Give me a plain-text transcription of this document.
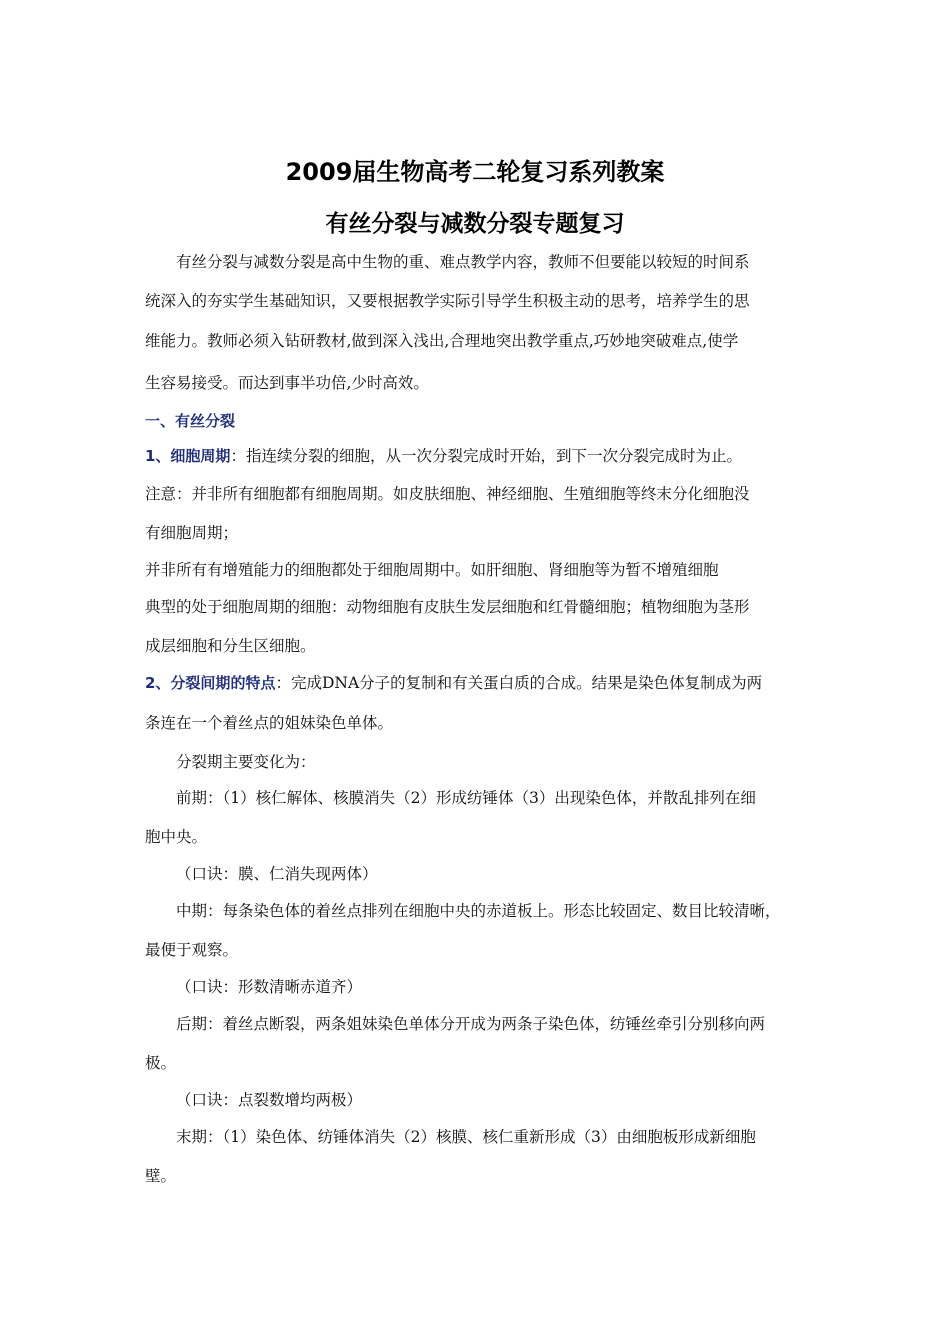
2009届生物高考二轮复习系列教案
有丝分裂与减数分裂专题复习
有丝分裂与减数分裂是高中生物的重、难点教学内容，教师不但要能以较短的时间系
统深入的夯实学生基础知识，又要根据教学实际引导学生积极主动的思考，培养学生的思
维能力。教师必须入钻研教材,做到深入浅出,合理地突出教学重点,巧妙地突破难点,使学
生容易接受。而达到事半功倍,少时高效。
一、有丝分裂
1、细胞周期：指连续分裂的细胞，从一次分裂完成时开始，到下一次分裂完成时为止。
注意：并非所有细胞都有细胞周期。如皮肤细胞、神经细胞、生殖细胞等终末分化细胞没
有细胞周期；
并非所有有增殖能力的细胞都处于细胞周期中。如肝细胞、肾细胞等为暂不增殖细胞
典型的处于细胞周期的细胞：动物细胞有皮肤生发层细胞和红骨髓细胞；植物细胞为茎形
成层细胞和分生区细胞。
2、分裂间期的特点：完成DNA分子的复制和有关蛋白质的合成。结果是染色体复制成为两
条连在一个着丝点的姐妹染色单体。
分裂期主要变化为：
前期：（1）核仁解体、核膜消失（2）形成纺锤体（3）出现染色体，并散乱排列在细
胞中央。
（口诀：膜、仁消失现两体）
中期：每条染色体的着丝点排列在细胞中央的赤道板上。形态比较固定、数目比较清晰，
最便于观察。
（口诀：形数清晰赤道齐）
后期：着丝点断裂，两条姐妹染色单体分开成为两条子染色体，纺锤丝牵引分别移向两
极。
（口诀：点裂数增均两极）
末期：（1）染色体、纺锤体消失（2）核膜、核仁重新形成（3）由细胞板形成新细胞
壁。
